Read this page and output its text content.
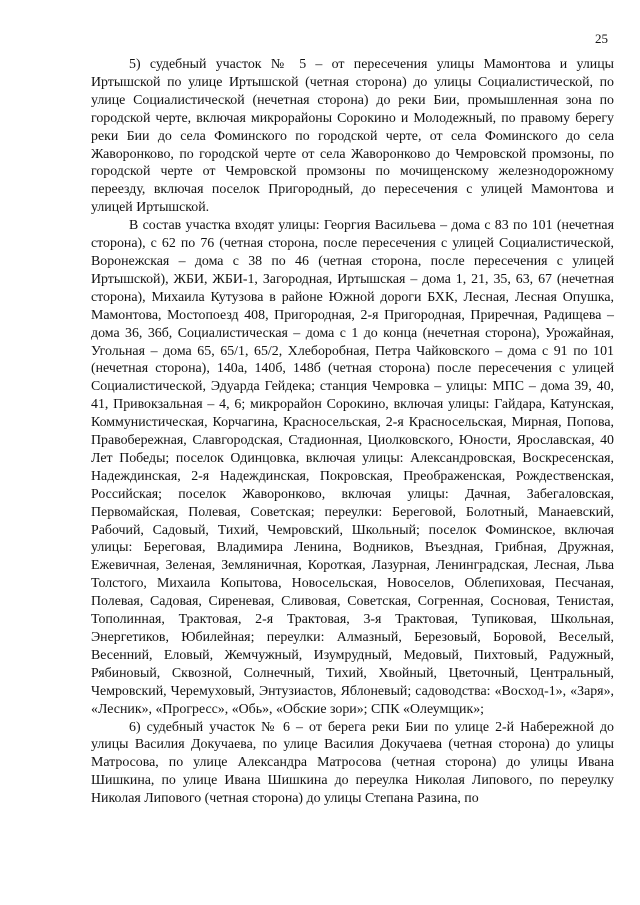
25

5) судебный участок № 5 – от пересечения улицы Мамонтова и улицы Иртышской по улице Иртышской (четная сторона) до улицы Социалистической, по улице Социалистической (нечетная сторона) до реки Бии, промышленная зона по городской черте, включая микрорайоны Сорокино и Молодежный, по правому берегу реки Бии до села Фоминского по городской черте, от села Фоминского до села Жаворонково, по городской черте от села Жаворонково до Чемровской промзоны, по городской черте от Чемровской промзоны по мочищенскому железнодорожному переезду, включая поселок Пригородный, до пересечения с улицей Мамонтова и улицей Иртышской.

В состав участка входят улицы: Георгия Васильева – дома с 83 по 101 (нечетная сторона), с 62 по 76 (четная сторона, после пересечения с улицей Социалистической, Воронежская – дома с 38 по 46 (четная сторона, после пересечения с улицей Иртышской), ЖБИ, ЖБИ-1, Загородная, Иртышская – дома 1, 21, 35, 63, 67 (нечетная сторона), Михаила Кутузова в районе Южной дороги БХК, Лесная, Лесная Опушка, Мамонтова, Мостопоезд 408, Пригородная, 2-я Пригородная, Приречная, Радищева – дома 36, 36б, Социалистическая – дома с 1 до конца (нечетная сторона), Урожайная, Угольная – дома 65, 65/1, 65/2, Хлеборобная, Петра Чайковского – дома с 91 по 101 (нечетная сторона), 140а, 140б, 148б (четная сторона) после пересечения с улицей Социалистической, Эдуарда Гейдека; станция Чемровка – улицы: МПС – дома 39, 40, 41, Привокзальная – 4, 6; микрорайон Сорокино, включая улицы: Гайдара, Катунская, Коммунистическая, Корчагина, Красносельская, 2-я Красносельская, Мирная, Попова, Правобережная, Славгородская, Стадионная, Циолковского, Юности, Ярославская, 40 Лет Победы; поселок Одинцовка, включая улицы: Александровская, Воскресенская, Надеждинская, 2-я Надеждинская, Покровская, Преображенская, Рождественская, Российская; поселок Жаворонково, включая улицы: Дачная, Забегаловская, Первомайская, Полевая, Советская; переулки: Береговой, Болотный, Манаевский, Рабочий, Садовый, Тихий, Чемровский, Школьный; поселок Фоминское, включая улицы: Береговая, Владимира Ленина, Водников, Въездная, Грибная, Дружная, Ежевичная, Зеленая, Земляничная, Короткая, Лазурная, Ленинградская, Лесная, Льва Толстого, Михаила Копытова, Новосельская, Новоселов, Облепиховая, Песчаная, Полевая, Садовая, Сиреневая, Сливовая, Советская, Согренная, Сосновая, Тенистая, Тополинная, Трактовая, 2-я Трактовая, 3-я Трактовая, Тупиковая, Школьная, Энергетиков, Юбилейная; переулки: Алмазный, Березовый, Боровой, Веселый, Весенний, Еловый, Жемчужный, Изумрудный, Медовый, Пихтовый, Радужный, Рябиновый, Сквозной, Солнечный, Тихий, Хвойный, Цветочный, Центральный, Чемровский, Черемуховый, Энтузиастов, Яблоневый; садоводства: «Восход-1», «Заря», «Лесник», «Прогресс», «Обь», «Обские зори»; СПК «Олеумщик»;

6) судебный участок № 6 – от берега реки Бии по улице 2-й Набережной до улицы Василия Докучаева, по улице Василия Докучаева (четная сторона) до улицы Матросова, по улице Александра Матросова (четная сторона) до улицы Ивана Шишкина, по улице Ивана Шишкина до переулка Николая Липового, по переулку Николая Липового (четная сторона) до улицы Степана Разина, по
